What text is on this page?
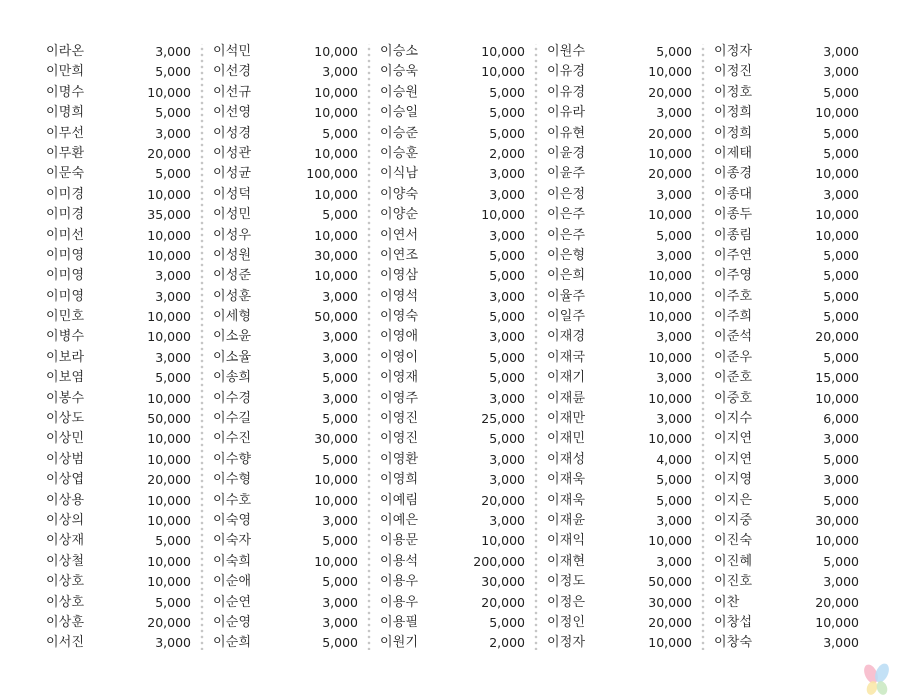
이라온	3,000
이만희	5,000
이명수	10,000
이명희	5,000
이무선	3,000
이무환	20,000
이문숙	5,000
이미경	10,000
이미경	35,000
이미선	10,000
이미영	10,000
이미영	3,000
이미영	3,000
이민호	10,000
이병수	10,000
이보라	3,000
이보염	5,000
이봉수	10,000
이상도	50,000
이상민	10,000
이상범	10,000
이상엽	20,000
이상용	10,000
이상의	10,000
이상재	5,000
이상철	10,000
이상호	10,000
이상호	5,000
이상훈	20,000
이서진	3,000
이석민	10,000
이선경	3,000
이선규	10,000
이선영	10,000
이성경	5,000
이성관	10,000
이성균	100,000
이성덕	10,000
이성민	5,000
이성우	10,000
이성원	30,000
이성준	10,000
이성훈	3,000
이세형	50,000
이소윤	3,000
이소율	3,000
이송희	5,000
이수경	3,000
이수길	5,000
이수진	30,000
이수향	5,000
이수형	10,000
이수호	10,000
이숙영	3,000
이숙자	5,000
이숙희	10,000
이순애	5,000
이순연	3,000
이순영	3,000
이순희	5,000
이승소	10,000
이승욱	10,000
이승원	5,000
이승일	5,000
이승준	5,000
이승훈	2,000
이식남	3,000
이양숙	3,000
이양순	10,000
이연서	3,000
이연조	5,000
이영삼	5,000
이영석	3,000
이영숙	5,000
이영애	3,000
이영이	5,000
이영재	5,000
이영주	3,000
이영진	25,000
이영진	5,000
이영환	3,000
이영희	3,000
이예림	20,000
이예은	3,000
이용문	10,000
이용석	200,000
이용우	30,000
이용우	20,000
이용필	5,000
이원기	2,000
이원수	5,000
이유경	10,000
이유경	20,000
이유라	3,000
이유현	20,000
이윤경	10,000
이윤주	20,000
이은정	3,000
이은주	10,000
이은주	5,000
이은형	3,000
이은희	10,000
이율주	10,000
이일주	10,000
이재경	3,000
이재국	10,000
이재기	3,000
이재륜	10,000
이재만	3,000
이재민	10,000
이재성	4,000
이재욱	5,000
이재욱	5,000
이재윤	3,000
이재익	10,000
이재현	3,000
이정도	50,000
이정은	30,000
이정인	20,000
이정자	10,000
이정자	3,000
이정진	3,000
이정호	5,000
이정희	10,000
이정희	5,000
이제태	5,000
이종경	10,000
이종대	3,000
이종두	10,000
이종림	10,000
이주연	5,000
이주영	5,000
이주호	5,000
이주희	5,000
이준석	20,000
이준우	5,000
이준호	15,000
이중호	10,000
이지수	6,000
이지연	3,000
이지연	5,000
이지영	3,000
이지은	5,000
이지중	30,000
이진숙	10,000
이진혜	5,000
이진호	3,000
이찬	20,000
이창섭	10,000
이창숙	3,000
